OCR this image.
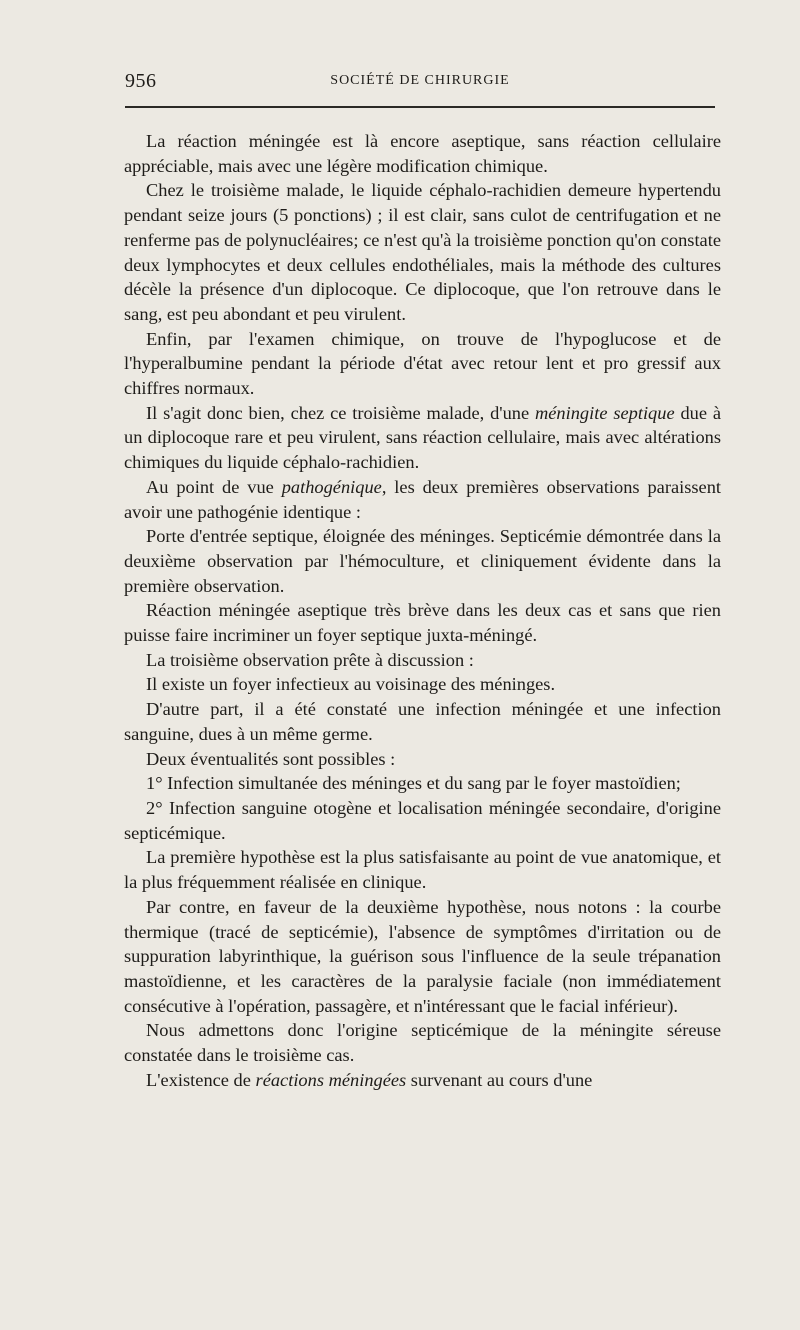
956	SOCIÉTÉ DE CHIRURGIE

La réaction méningée est là encore aseptique, sans réaction cellulaire appréciable, mais avec une légère modification chimique.

Chez le troisième malade, le liquide céphalo-rachidien demeure hypertendu pendant seize jours (5 ponctions) ; il est clair, sans culot de centrifugation et ne renferme pas de polynucléaires; ce n'est qu'à la troisième ponction qu'on constate deux lymphocytes et deux cellules endothéliales, mais la méthode des cultures décèle la présence d'un diplocoque. Ce diplocoque, que l'on retrouve dans le sang, est peu abondant et peu virulent.

Enfin, par l'examen chimique, on trouve de l'hypoglucose et de l'hyperalbumine pendant la période d'état avec retour lent et pro gressif aux chiffres normaux.

Il s'agit donc bien, chez ce troisième malade, d'une méningite septique due à un diplocoque rare et peu virulent, sans réaction cellulaire, mais avec altérations chimiques du liquide céphalo-rachidien.

Au point de vue pathogénique, les deux premières observations paraissent avoir une pathogénie identique :

Porte d'entrée septique, éloignée des méninges. Septicémie démontrée dans la deuxième observation par l'hémoculture, et cliniquement évidente dans la première observation.

Réaction méningée aseptique très brève dans les deux cas et sans que rien puisse faire incriminer un foyer septique juxta-méningé.

La troisième observation prête à discussion :

Il existe un foyer infectieux au voisinage des méninges.

D'autre part, il a été constaté une infection méningée et une infection sanguine, dues à un même germe.

Deux éventualités sont possibles :

1° Infection simultanée des méninges et du sang par le foyer mastoïdien;

2° Infection sanguine otogène et localisation méningée secondaire, d'origine septicémique.

La première hypothèse est la plus satisfaisante au point de vue anatomique, et la plus fréquemment réalisée en clinique.

Par contre, en faveur de la deuxième hypothèse, nous notons : la courbe thermique (tracé de septicémie), l'absence de symptômes d'irritation ou de suppuration labyrinthique, la guérison sous l'influence de la seule trépanation mastoïdienne, et les caractères de la paralysie faciale (non immédiatement consécutive à l'opération, passagère, et n'intéressant que le facial inférieur).

Nous admettons donc l'origine septicémique de la méningite séreuse constatée dans le troisième cas.

L'existence de réactions méningées survenant au cours d'une
